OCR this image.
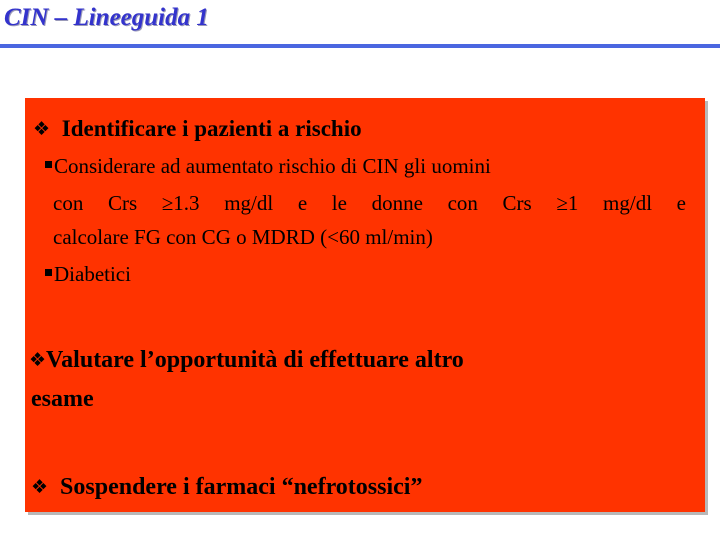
CIN – Lineeguida 1
❖ Identificare i pazienti a rischio
Considerare ad aumentato rischio di CIN gli uomini
con Crs ≥1.3 mg/dl e le donne con Crs ≥1 mg/dl e
calcolare FG con CG o MDRD (<60 ml/min)
Diabetici
❖Valutare l’opportunità di effettuare altro
esame
❖ Sospendere i farmaci “nefrotossici”
